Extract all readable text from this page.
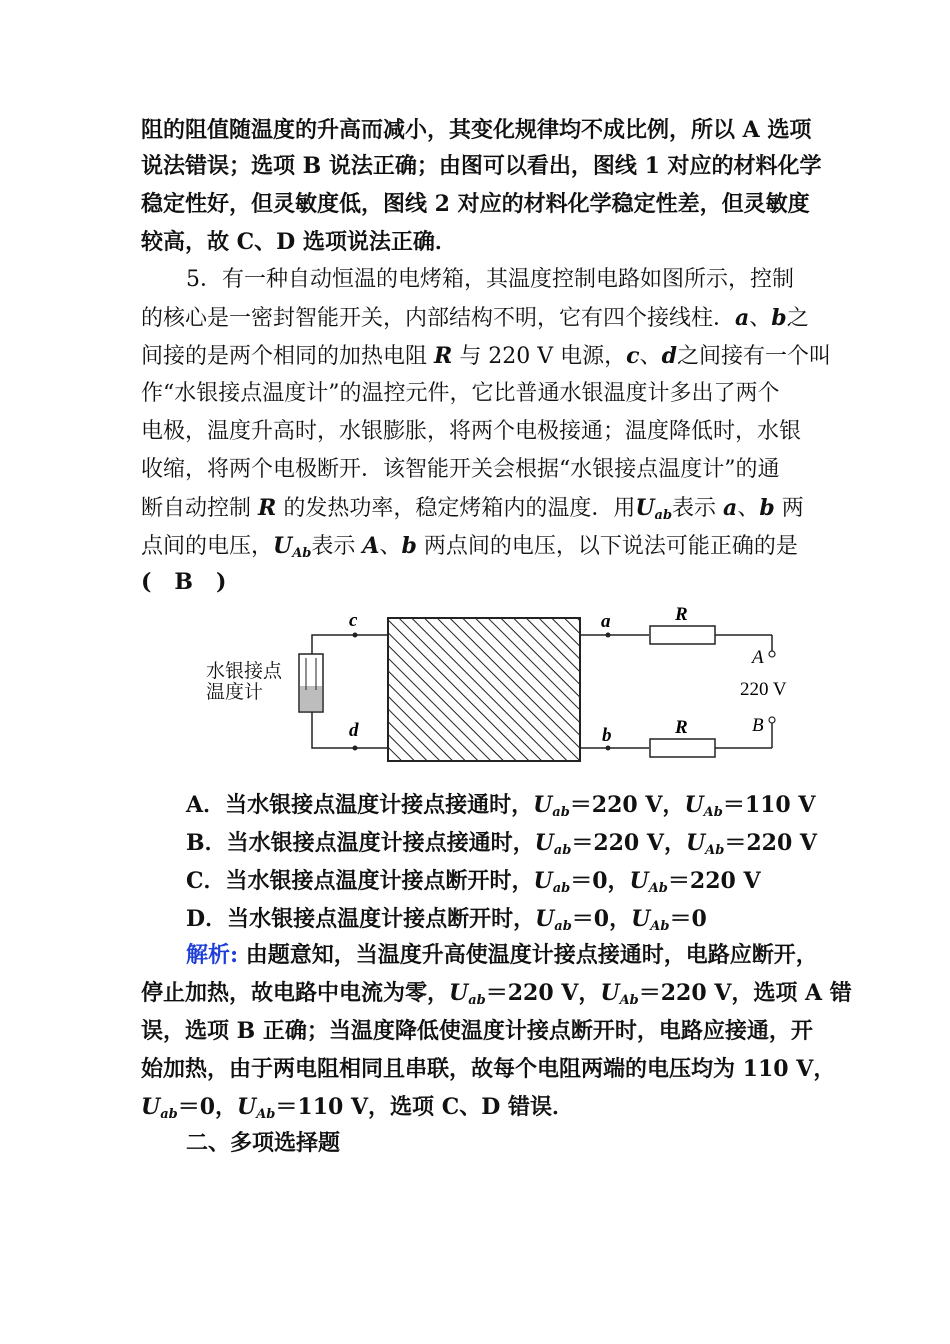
阻的阻值随温度的升高而减小，其变化规律均不成比例，所以 A 选项
说法错误；选项 B 说法正确；由图可以看出，图线 1 对应的材料化学
稳定性好，但灵敏度低，图线 2 对应的材料化学稳定性差，但灵敏度
较高，故 C、D 选项说法正确．
5．有一种自动恒温的电烤箱，其温度控制电路如图所示，控制
的核心是一密封智能开关，内部结构不明，它有四个接线柱．a、b之
间接的是两个相同的加热电阻 R 与 220 V 电源，c、d之间接有一个叫
作“水银接点温度计”的温控元件，它比普通水银温度计多出了两个
电极，温度升高时，水银膨胀，将两个电极接通；温度降低时，水银
收缩，将两个电极断开．该智能开关会根据“水银接点温度计”的通
断自动控制 R 的发热功率，稳定烤箱内的温度．用$U_{ab}$表示 a、b 两
点间的电压，$U_{Ab}$表示 A、b 两点间的电压，以下说法可能正确的是
( B )
水银接点
温度计
c
d
a
b
R
R
A
B
220 V
A．当水银接点温度计接点接通时，$U_{ab}=220$ V，$U_{Ab}=110$ V
B．当水银接点温度计接点接通时，$U_{ab}=220$ V，$U_{Ab}=220$ V
C．当水银接点温度计接点断开时，$U_{ab}=0$，$U_{Ab}=220$ V
D．当水银接点温度计接点断开时，$U_{ab}=0$，$U_{Ab}=0$
解析: 由题意知，当温度升高使温度计接点接通时，电路应断开，
停止加热，故电路中电流为零，$U_{ab}=220$ V，$U_{Ab}=220$ V，选项 A 错
误，选项 B 正确；当温度降低使温度计接点断开时，电路应接通，开
始加热，由于两电阻相同且串联，故每个电阻两端的电压均为 110 V，
$U_{ab}=0$，$U_{Ab}=110$ V，选项 C、D 错误．
二、多项选择题
